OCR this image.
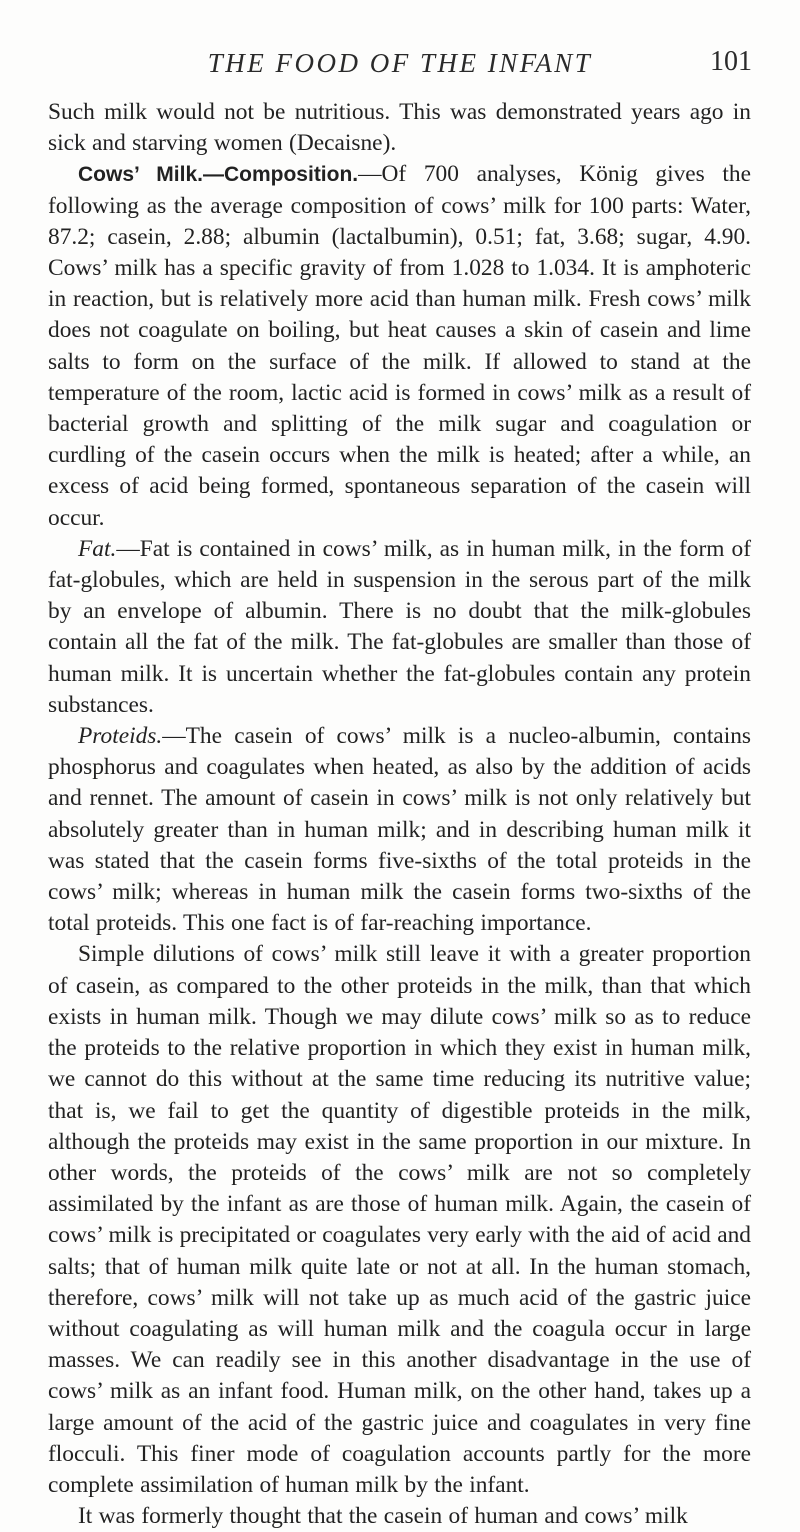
THE FOOD OF THE INFANT	101

Such milk would not be nutritious. This was demonstrated years ago in sick and starving women (Decaisne).

Cows’ Milk.—Composition.—Of 700 analyses, König gives the following as the average composition of cows’ milk for 100 parts: Water, 87.2; casein, 2.88; albumin (lactalbumin), 0.51; fat, 3.68; sugar, 4.90. Cows’ milk has a specific gravity of from 1.028 to 1.034. It is amphoteric in reaction, but is relatively more acid than human milk. Fresh cows’ milk does not coagulate on boiling, but heat causes a skin of casein and lime salts to form on the surface of the milk. If allowed to stand at the temperature of the room, lactic acid is formed in cows’ milk as a result of bacterial growth and splitting of the milk sugar and coagulation or curdling of the casein occurs when the milk is heated; after a while, an excess of acid being formed, spontaneous separation of the casein will occur.

Fat.—Fat is contained in cows’ milk, as in human milk, in the form of fat-globules, which are held in suspension in the serous part of the milk by an envelope of albumin. There is no doubt that the milk-globules contain all the fat of the milk. The fat-globules are smaller than those of human milk. It is uncertain whether the fat-globules contain any protein substances.

Proteids.—The casein of cows’ milk is a nucleo-albumin, contains phosphorus and coagulates when heated, as also by the addition of acids and rennet. The amount of casein in cows’ milk is not only relatively but absolutely greater than in human milk; and in describing human milk it was stated that the casein forms five-sixths of the total proteids in the cows’ milk; whereas in human milk the casein forms two-sixths of the total proteids. This one fact is of far-reaching importance.

Simple dilutions of cows’ milk still leave it with a greater proportion of casein, as compared to the other proteids in the milk, than that which exists in human milk. Though we may dilute cows’ milk so as to reduce the proteids to the relative proportion in which they exist in human milk, we cannot do this without at the same time reducing its nutritive value; that is, we fail to get the quantity of digestible proteids in the milk, although the proteids may exist in the same proportion in our mixture. In other words, the proteids of the cows’ milk are not so completely assimilated by the infant as are those of human milk. Again, the casein of cows’ milk is precipitated or coagulates very early with the aid of acid and salts; that of human milk quite late or not at all. In the human stomach, therefore, cows’ milk will not take up as much acid of the gastric juice without coagulating as will human milk and the coagula occur in large masses. We can readily see in this another disadvantage in the use of cows’ milk as an infant food. Human milk, on the other hand, takes up a large amount of the acid of the gastric juice and coagulates in very fine flocculi. This finer mode of coagulation accounts partly for the more complete assimilation of human milk by the infant.

It was formerly thought that the casein of human and cows’ milk
